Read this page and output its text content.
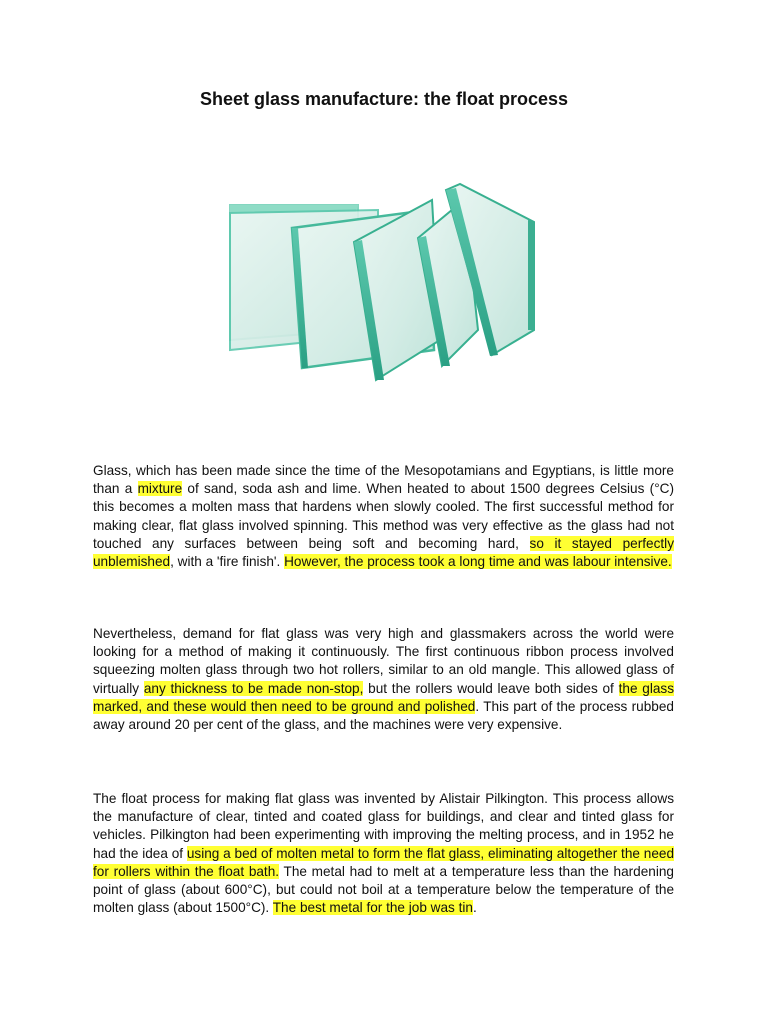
Sheet glass manufacture: the float process

Glass, which has been made since the time of the Mesopotamians and Egyptians, is little more than a mixture of sand, soda ash and lime. When heated to about 1500 degrees Celsius (°C) this becomes a molten mass that hardens when slowly cooled. The first successful method for making clear, flat glass involved spinning. This method was very effective as the glass had not touched any surfaces between being soft and becoming hard, so it stayed perfectly unblemished, with a 'fire finish'. However, the process took a long time and was labour intensive.

Nevertheless, demand for flat glass was very high and glassmakers across the world were looking for a method of making it continuously. The first continuous ribbon process involved squeezing molten glass through two hot rollers, similar to an old mangle. This allowed glass of virtually any thickness to be made non-stop, but the rollers would leave both sides of the glass marked, and these would then need to be ground and polished. This part of the process rubbed away around 20 per cent of the glass, and the machines were very expensive.

The float process for making flat glass was invented by Alistair Pilkington. This process allows the manufacture of clear, tinted and coated glass for buildings, and clear and tinted glass for vehicles. Pilkington had been experimenting with improving the melting process, and in 1952 he had the idea of using a bed of molten metal to form the flat glass, eliminating altogether the need for rollers within the float bath. The metal had to melt at a temperature less than the hardening point of glass (about 600°C), but could not boil at a temperature below the temperature of the molten glass (about 1500°C). The best metal for the job was tin.
